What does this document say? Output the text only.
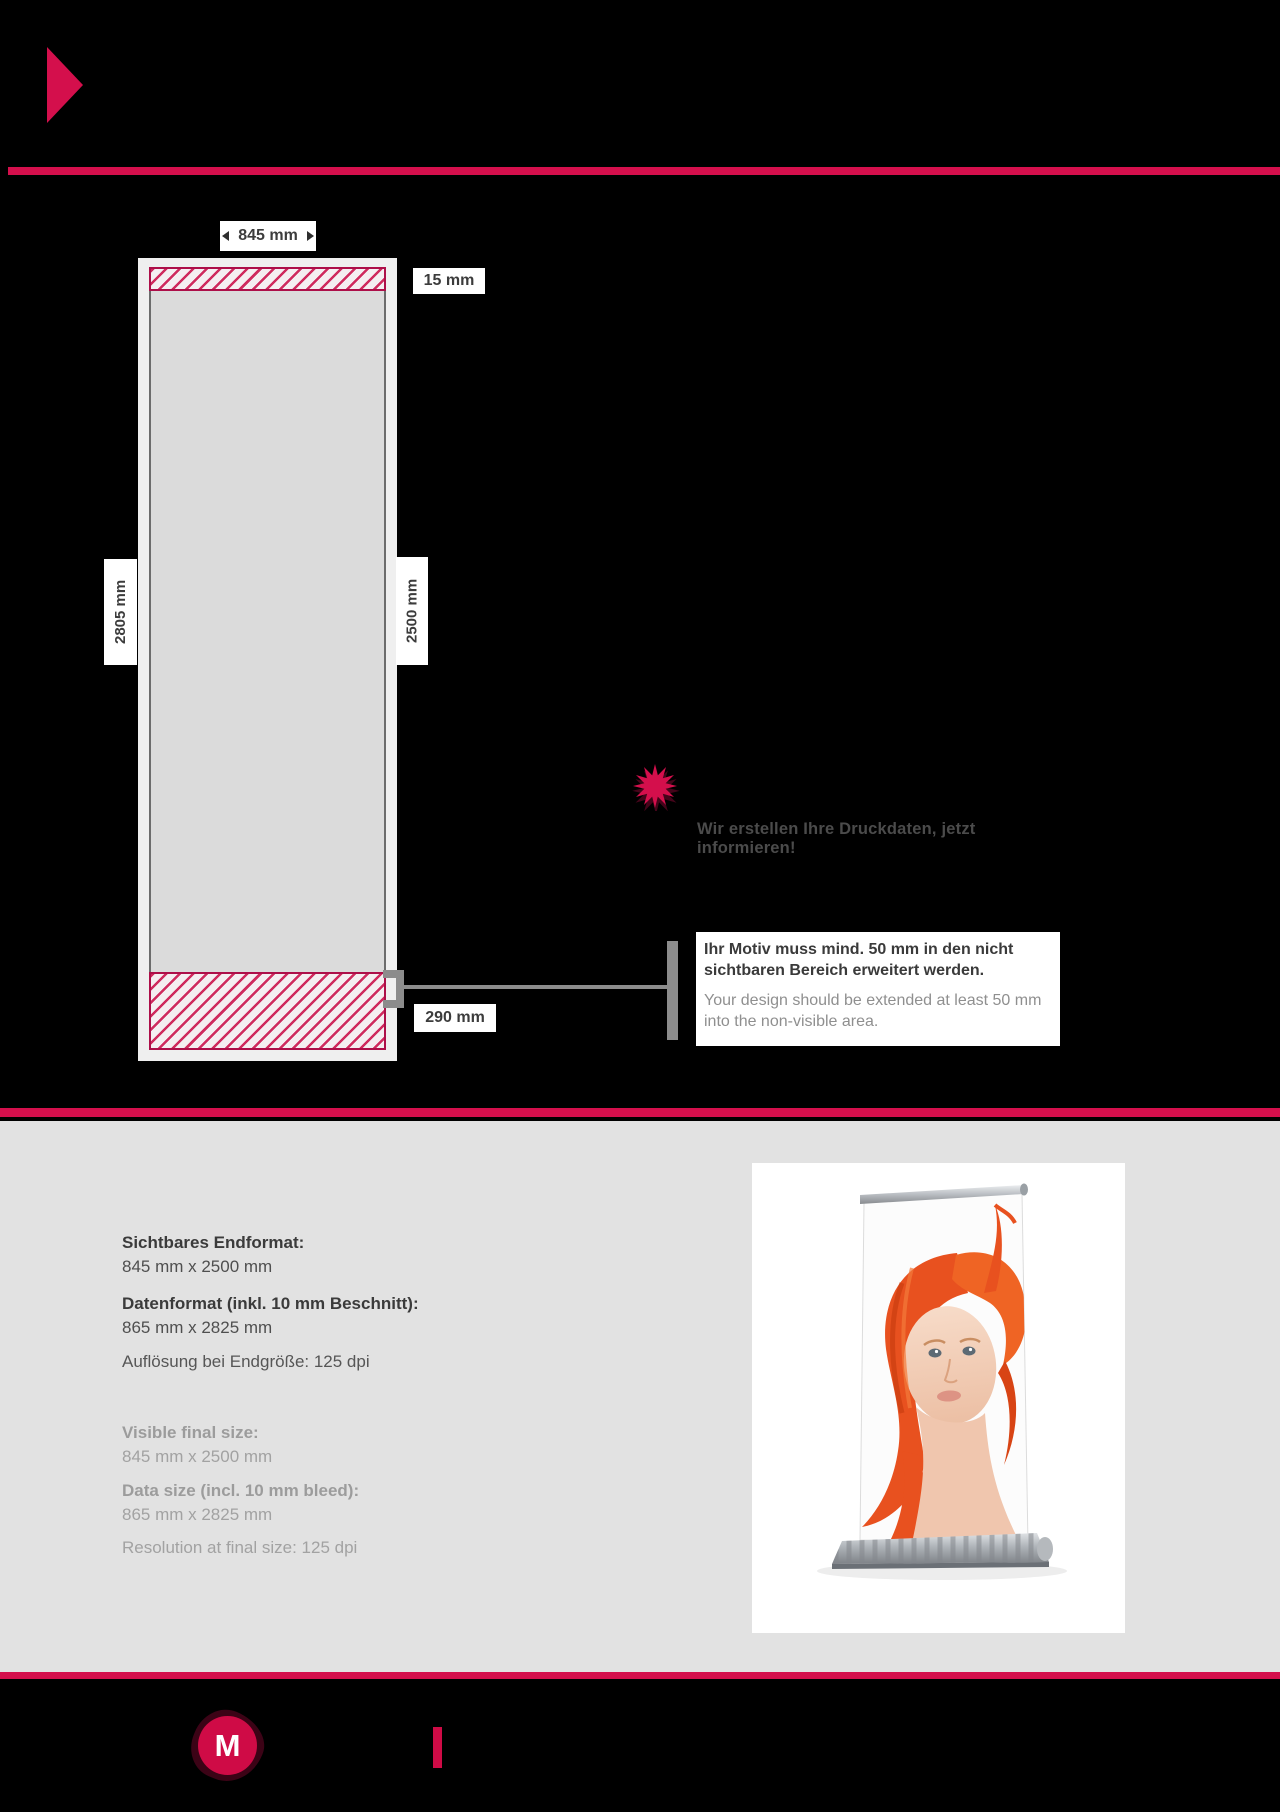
845 mm
15 mm
2805 mm	2500 mm
290 mm

Ihr Motiv muss mind. 50 mm in den nicht sichtbaren Bereich erweitert werden.

Your design should be extended at least 50 mm into the non-visible area.

Wir erstellen Ihre Druckdaten, jetzt informieren!
Sichtbares Endformat:
845 mm x 2500 mm
Datenformat (inkl. 10 mm Beschnitt):
865 mm x 2825 mm
Auflösung bei Endgröße: 125 dpi
Visible final size:
845 mm x 2500 mm
Data size (incl. 10 mm bleed):
865 mm x 2825 mm
Resolution at final size: 125 dpi
M
